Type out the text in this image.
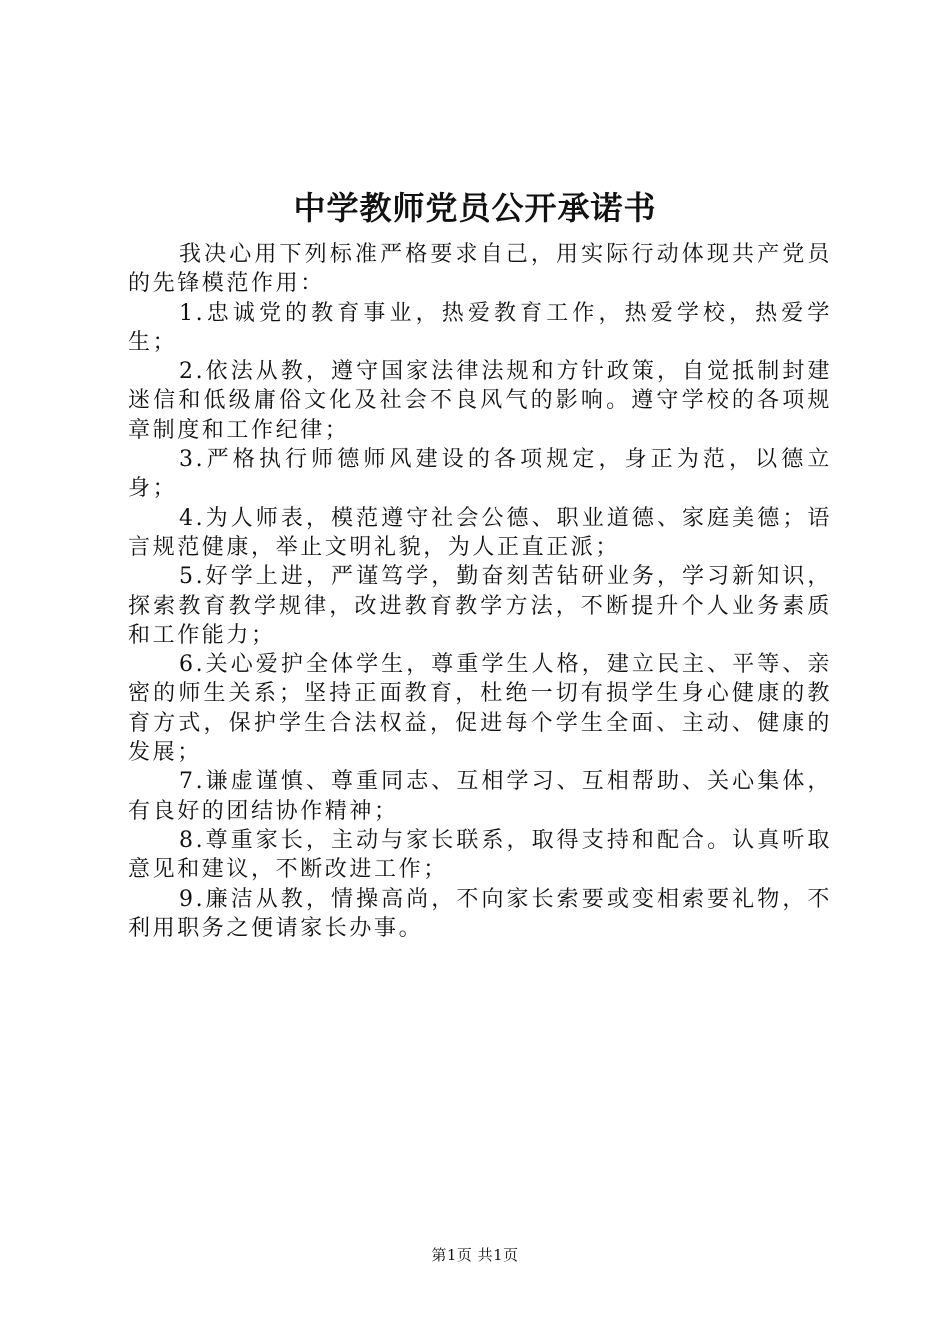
中学教师党员公开承诺书

我决心用下列标准严格要求自己，用实际行动体现共产党员的先锋模范作用：

1.忠诚党的教育事业，热爱教育工作，热爱学校，热爱学生；

2.依法从教，遵守国家法律法规和方针政策，自觉抵制封建迷信和低级庸俗文化及社会不良风气的影响。遵守学校的各项规章制度和工作纪律；

3.严格执行师德师风建设的各项规定，身正为范，以德立身；

4.为人师表，模范遵守社会公德、职业道德、家庭美德；语言规范健康，举止文明礼貌，为人正直正派；

5.好学上进，严谨笃学，勤奋刻苦钻研业务，学习新知识，探索教育教学规律，改进教育教学方法，不断提升个人业务素质和工作能力；

6.关心爱护全体学生，尊重学生人格，建立民主、平等、亲密的师生关系；坚持正面教育，杜绝一切有损学生身心健康的教育方式，保护学生合法权益，促进每个学生全面、主动、健康的发展；

7.谦虚谨慎、尊重同志、互相学习、互相帮助、关心集体，有良好的团结协作精神；

8.尊重家长，主动与家长联系，取得支持和配合。认真听取意见和建议，不断改进工作；

9.廉洁从教，情操高尚，不向家长索要或变相索要礼物，不利用职务之便请家长办事。

第1页 共1页
